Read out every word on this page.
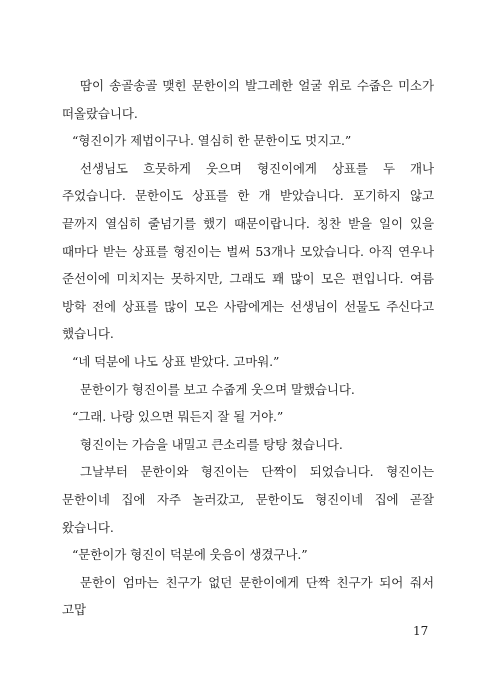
땀이 송골송골 맺힌 문한이의 발그레한 얼굴 위로 수줍은 미소가 떠올랐습니다.

“형진이가 제법이구나. 열심히 한 문한이도 멋지고.”

선생님도 흐뭇하게 웃으며 형진이에게 상표를 두 개나 주었습니다. 문한이도 상표를 한 개 받았습니다. 포기하지 않고 끝까지 열심히 줄넘기를 했기 때문이랍니다. 칭찬 받을 일이 있을 때마다 받는 상표를 형진이는 벌써 53개나 모았습니다. 아직 연우나 준선이에 미치지는 못하지만, 그래도 꽤 많이 모은 편입니다. 여름 방학 전에 상표를 많이 모은 사람에게는 선생님이 선물도 주신다고 했습니다.

“네 덕분에 나도 상표 받았다. 고마워.”

문한이가 형진이를 보고 수줍게 웃으며 말했습니다.

“그래. 나랑 있으면 뭐든지 잘 될 거야.”

형진이는 가슴을 내밀고 큰소리를 탕탕 쳤습니다.

그날부터 문한이와 형진이는 단짝이 되었습니다. 형진이는 문한이네 집에 자주 놀러갔고, 문한이도 형진이네 집에 곧잘 왔습니다.

“문한이가 형진이 덕분에 웃음이 생겼구나.”

문한이 엄마는 친구가 없던 문한이에게 단짝 친구가 되어 줘서 고맙

17
